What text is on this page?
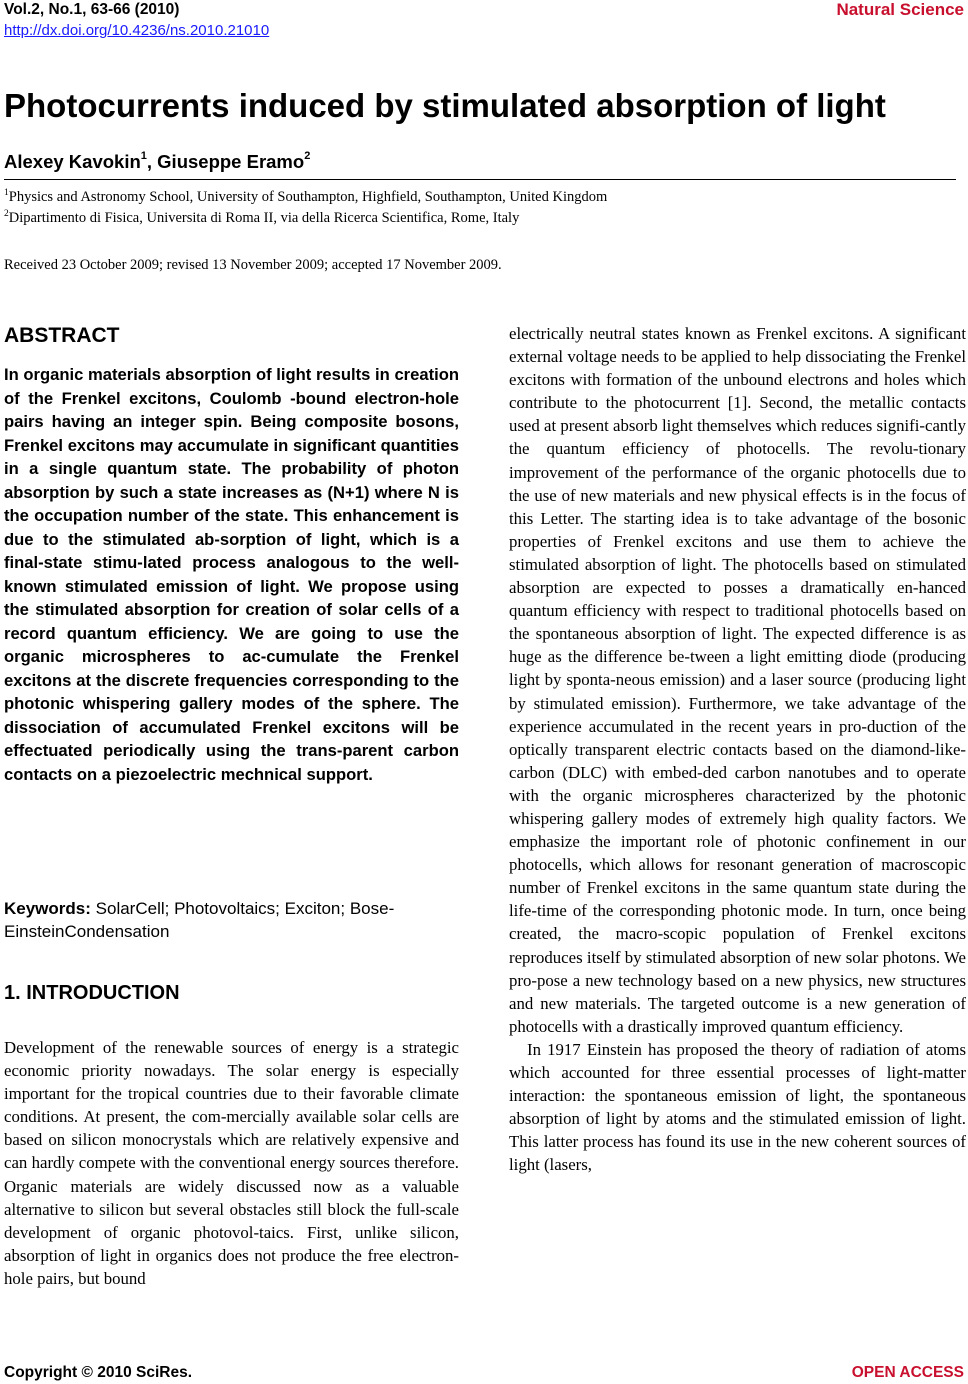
Vol.2, No.1, 63-66 (2010)
http://dx.doi.org/10.4236/ns.2010.21010
Natural Science
Photocurrents induced by stimulated absorption of light
Alexey Kavokin$^1$, Giuseppe Eramo$^2$
$^1$Physics and Astronomy School, University of Southampton, Highfield, Southampton, United Kingdom
$^2$Dipartimento di Fisica, Universita di Roma II, via della Ricerca Scientifica, Rome, Italy
Received 23 October 2009; revised 13 November 2009; accepted 17 November 2009.
ABSTRACT
In organic materials absorption of light results in creation of the Frenkel excitons, Coulomb -bound electron-hole pairs having an integer spin. Being composite bosons, Frenkel excitons may accumulate in significant quantities in a single quantum state. The probability of photon absorption by such a state increases as (N+1) where N is the occupation number of the state. This enhancement is due to the stimulated ab-sorption of light, which is a final-state stimu-lated process analogous to the well-known stimulated emission of light. We propose using the stimulated absorption for creation of solar cells of a record quantum efficiency. We are going to use the organic microspheres to ac-cumulate the Frenkel excitons at the discrete frequencies corresponding to the photonic whispering gallery modes of the sphere. The dissociation of accumulated Frenkel excitons will be effectuated periodically using the trans-parent carbon contacts on a piezoelectric mechnical support.
Keywords: SolarCell; Photovoltaics; Exciton; Bose-EinsteinCondensation
1. INTRODUCTION
Development of the renewable sources of energy is a strategic economic priority nowadays. The solar energy is especially important for the tropical countries due to their favorable climate conditions. At present, the com-mercially available solar cells are based on silicon monocrystals which are relatively expensive and can hardly compete with the conventional energy sources therefore. Organic materials are widely discussed now as a valuable alternative to silicon but several obstacles still block the full-scale development of organic photovol-taics. First, unlike silicon, absorption of light in organics does not produce the free electron-hole pairs, but bound

electrically neutral states known as Frenkel excitons. A significant external voltage needs to be applied to help dissociating the Frenkel excitons with formation of the unbound electrons and holes which contribute to the photocurrent [1]. Second, the metallic contacts used at present absorb light themselves which reduces signifi-cantly the quantum efficiency of photocells. The revolu-tionary improvement of the performance of the organic photocells due to the use of new materials and new physical effects is in the focus of this Letter. The starting idea is to take advantage of the bosonic properties of Frenkel excitons and use them to achieve the stimulated absorption of light. The photocells based on stimulated absorption are expected to posses a dramatically en-hanced quantum efficiency with respect to traditional photocells based on the spontaneous absorption of light. The expected difference is as huge as the difference be-tween a light emitting diode (producing light by sponta-neous emission) and a laser source (producing light by stimulated emission). Furthermore, we take advantage of the experience accumulated in the recent years in pro-duction of the optically transparent electric contacts based on the diamond-like-carbon (DLC) with embed-ded carbon nanotubes and to operate with the organic microspheres characterized by the photonic whispering gallery modes of extremely high quality factors. We emphasize the important role of photonic confinement in our photocells, which allows for resonant generation of macroscopic number of Frenkel excitons in the same quantum state during the life-time of the corresponding photonic mode. In turn, once being created, the macro-scopic population of Frenkel excitons reproduces itself by stimulated absorption of new solar photons. We pro-pose a new technology based on a new physics, new structures and new materials. The targeted outcome is a new generation of photocells with a drastically improved quantum efficiency.

In 1917 Einstein has proposed the theory of radiation of atoms which accounted for three essential processes of light-matter interaction: the spontaneous emission of light, the spontaneous absorption of light by atoms and the stimulated emission of light. This latter process has found its use in the new coherent sources of light (lasers,

Copyright © 2010 SciRes.	OPEN ACCESS
